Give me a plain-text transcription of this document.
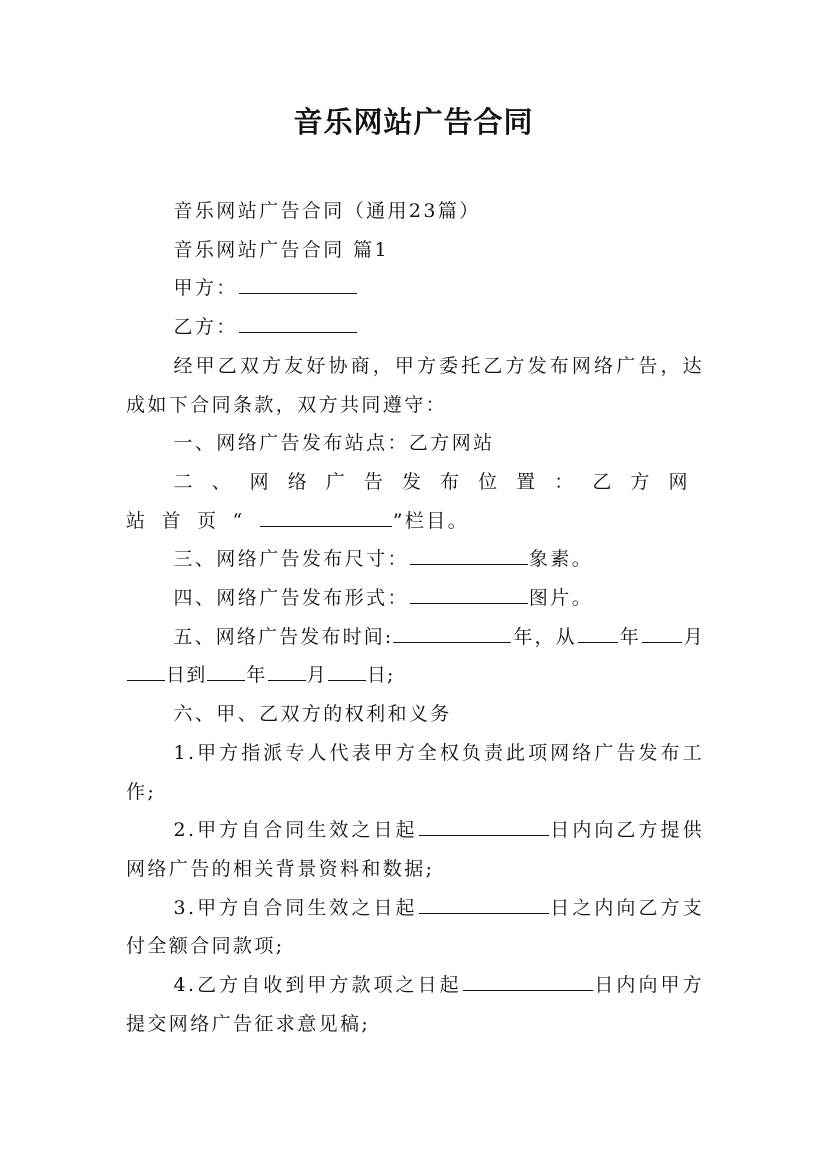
音乐网站广告合同

音乐网站广告合同（通用23篇）

音乐网站广告合同 篇1

甲方：

乙方：

经甲乙双方友好协商，甲方委托乙方发布网络广告，达成如下合同条款，双方共同遵守：

一、网络广告发布站点：乙方网站

二、网络广告发布位置：乙方网站首页“	”栏目。

三、网络广告发布尺寸：	象素。

四、网络广告发布形式：	图片。

五、网络广告发布时间:	年，从 年 月日到 年 月 日;

六、甲、乙双方的权利和义务

1.甲方指派专人代表甲方全权负责此项网络广告发布工作;

2.甲方自合同生效之日起	日内向乙方提供网络广告的相关背景资料和数据;

3.甲方自合同生效之日起	日之内向乙方支付全额合同款项;

4.乙方自收到甲方款项之日起	日内向甲方提交网络广告征求意见稿;
